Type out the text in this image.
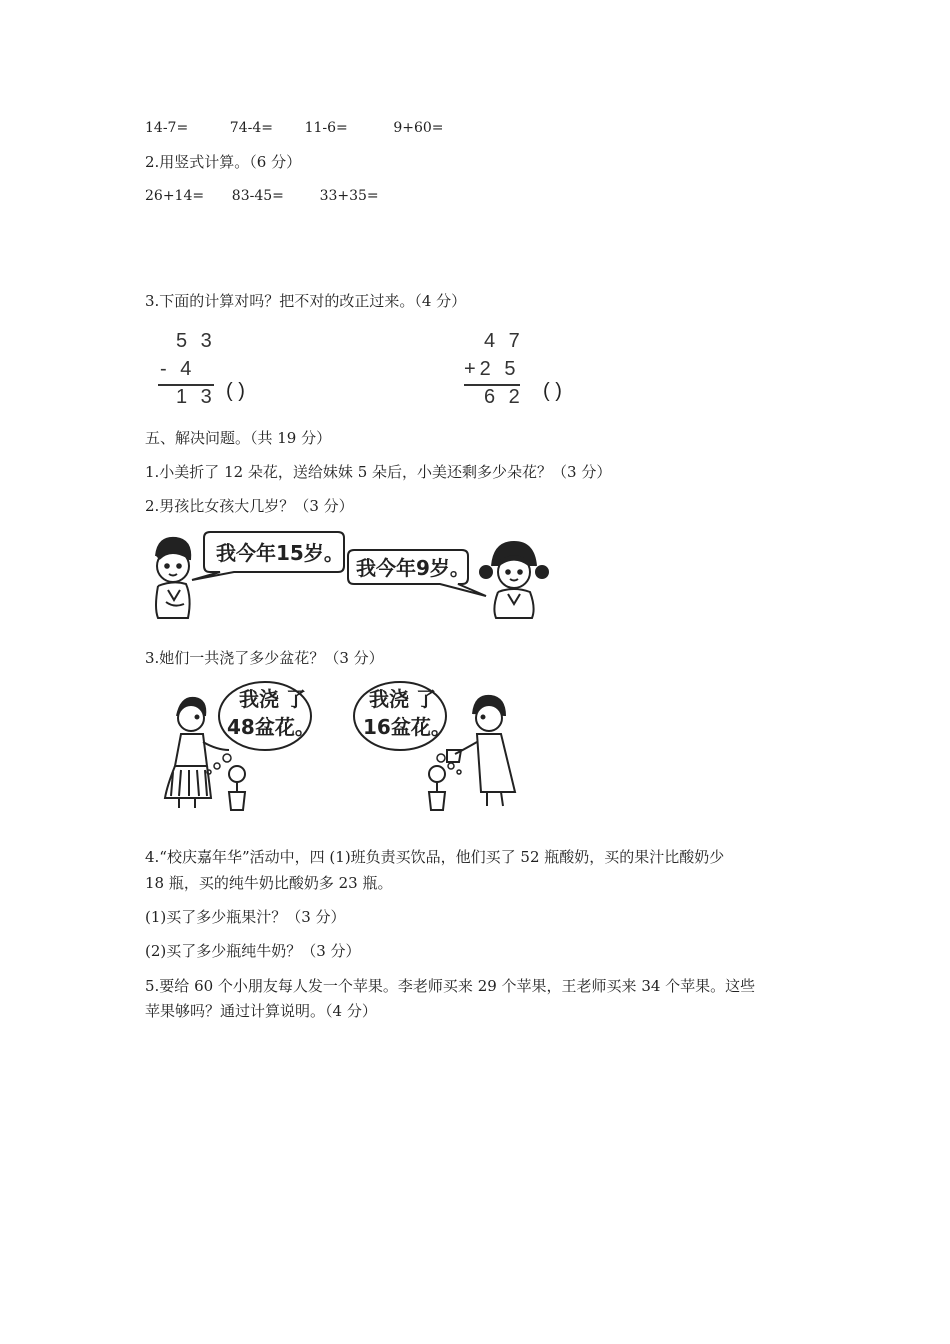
14-7=	74-4= 11-6=	9+60=
2.用竖式计算。（6 分）
26+14= 83-45=	33+35=
3.下面的计算对吗？把不对的改正过来。（4 分）
5 3
- 4
1 3 ( )
4 7
+2 5
6 2 ( )
五、解决问题。（共 19 分）
1.小美折了 12 朵花，送给妹妹 5 朵后，小美还剩多少朵花？（3 分）
2.男孩比女孩大几岁？（3 分）
我今年15岁。
我今年9岁。
3.她们一共浇了多少盆花？（3 分）
我浇 了
48盆花。
我浇 了
16盆花。
4.“校庆嘉年华”活动中，四 (1)班负责买饮品，他们买了 52 瓶酸奶，买的果汁比酸奶少
18 瓶，买的纯牛奶比酸奶多 23 瓶。
(1)买了多少瓶果汁？（3 分）
(2)买了多少瓶纯牛奶？（3 分）
5.要给 60 个小朋友每人发一个苹果。李老师买来 29 个苹果，王老师买来 34 个苹果。这些
苹果够吗？通过计算说明。（4 分）
